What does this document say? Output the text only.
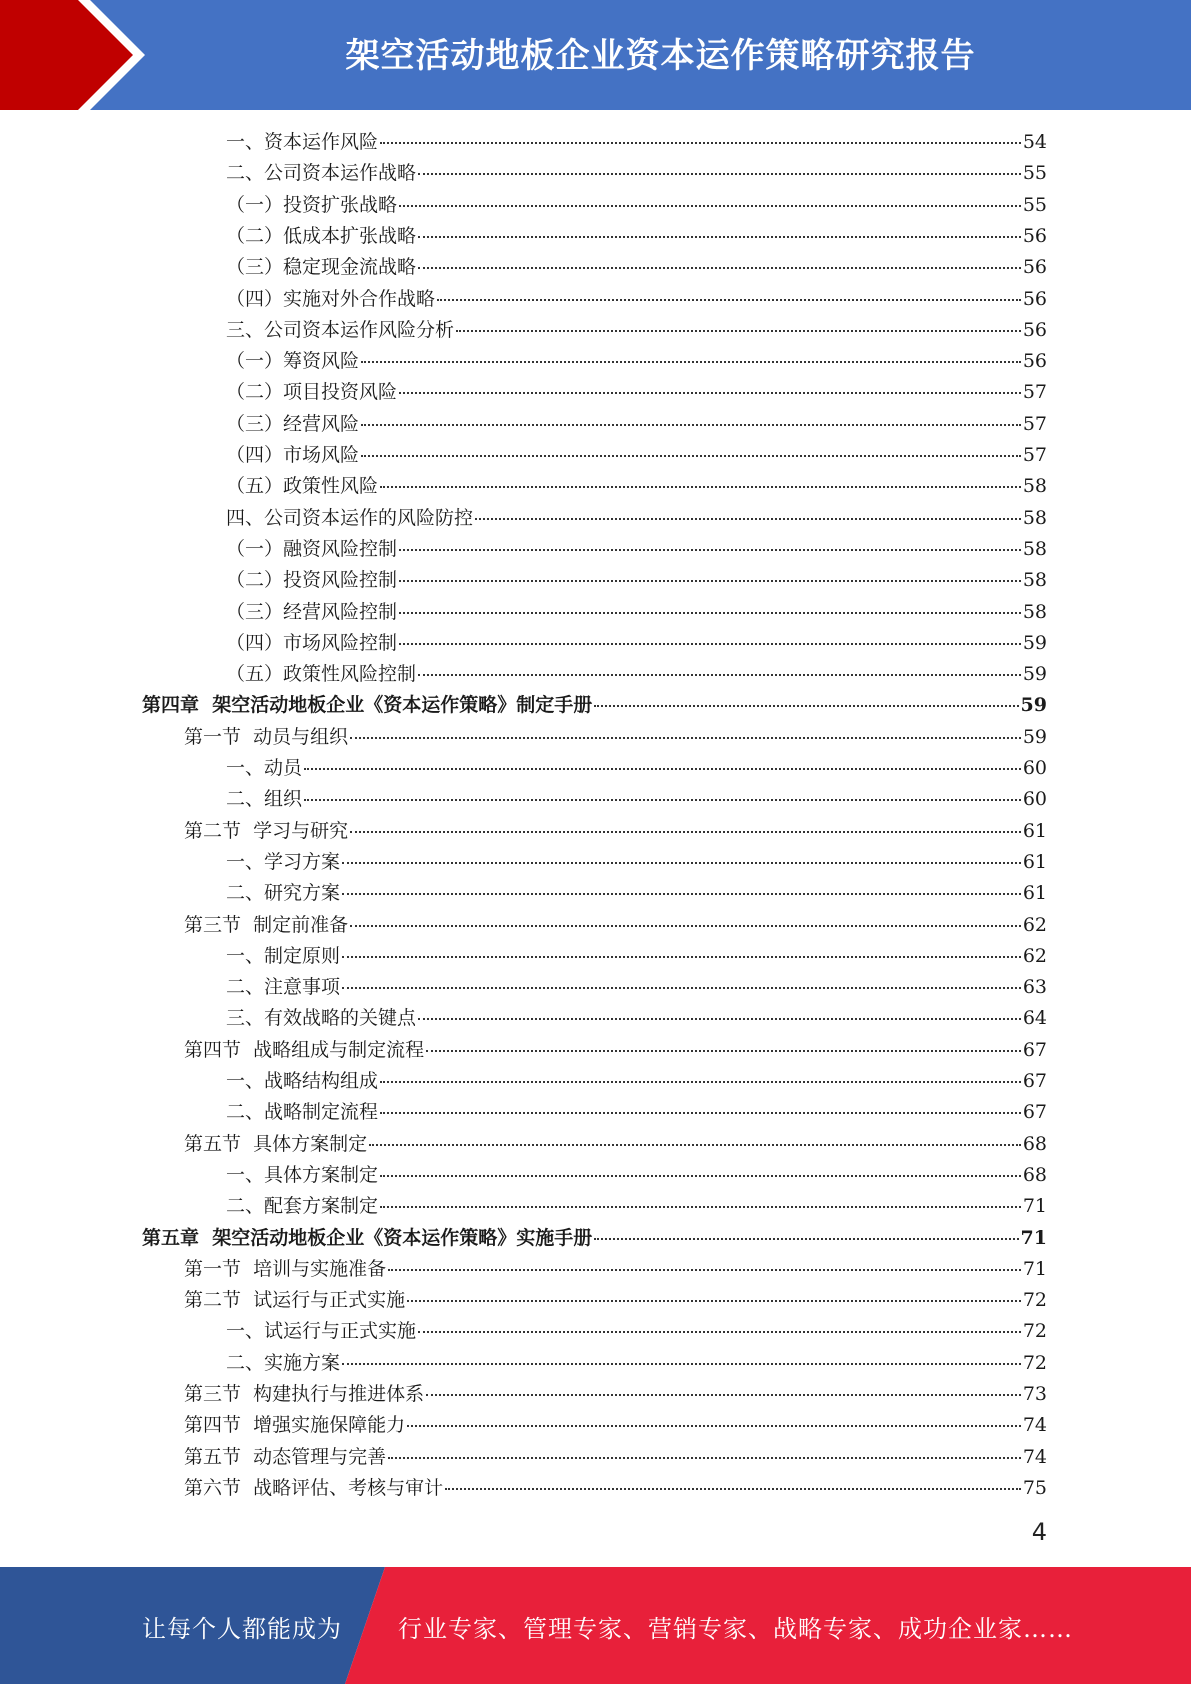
架空活动地板企业资本运作策略研究报告
一、资本运作风险	54
二、公司资本运作战略	55
（一）投资扩张战略	55
（二）低成本扩张战略	56
（三）稳定现金流战略	56
（四）实施对外合作战略	56
三、公司资本运作风险分析	56
（一）筹资风险	56
（二）项目投资风险	57
（三）经营风险	57
（四）市场风险	57
（五）政策性风险	58
四、公司资本运作的风险防控	58
（一）融资风险控制	58
（二）投资风险控制	58
（三）经营风险控制	58
（四）市场风险控制	59
（五）政策性风险控制	59
第四章  架空活动地板企业《资本运作策略》制定手册	59
第一节  动员与组织	59
一、动员	60
二、组织	60
第二节  学习与研究	61
一、学习方案	61
二、研究方案	61
第三节  制定前准备	62
一、制定原则	62
二、注意事项	63
三、有效战略的关键点	64
第四节  战略组成与制定流程	67
一、战略结构组成	67
二、战略制定流程	67
第五节  具体方案制定	68
一、具体方案制定	68
二、配套方案制定	71
第五章  架空活动地板企业《资本运作策略》实施手册	71
第一节  培训与实施准备	71
第二节  试运行与正式实施	72
一、试运行与正式实施	72
二、实施方案	72
第三节  构建执行与推进体系	73
第四节  增强实施保障能力	74
第五节  动态管理与完善	74
第六节  战略评估、考核与审计	75
4
让每个人都能成为 行业专家、管理专家、营销专家、战略专家、成功企业家……
